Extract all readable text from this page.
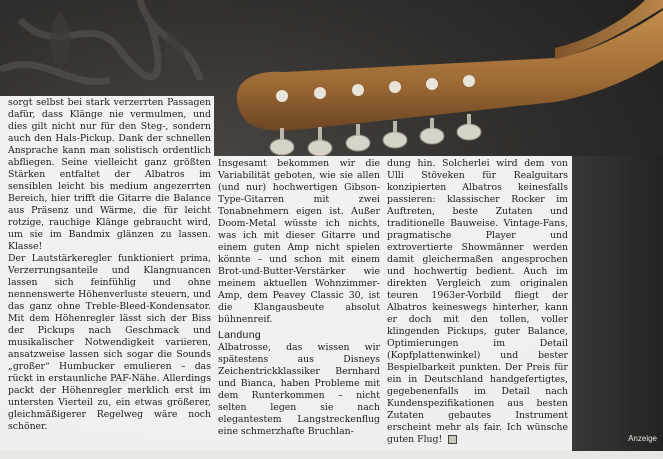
sorgt selbst bei stark verzerrten Passagen dafür, dass Klänge nie vermulmen, und dies gilt nicht nur für den Steg-, sondern auch den Hals-Pickup. Dank der schnellen Ansprache kann man solistisch ordentlich abfliegen. Seine vielleicht ganz größten Stärken entfaltet der Albatros im sensiblen leicht bis medium angezerrten Bereich, hier trifft die Gitarre die Balance aus Präsenz und Wärme, die für leicht rotzige, rauchige Klänge gebraucht wird, um sie im Bandmix glänzen zu lassen. Klasse!

Der Lautstärkeregler funktioniert prima, Verzerrungsanteile und Klangnuancen lassen sich feinfühlig und ohne nennenswerte Höhenverluste steuern, und das ganz ohne Treble-Bleed-Kondensator. Mit dem Höhenregler lässt sich der Biss der Pickups nach Geschmack und musikalischer Notwendigkeit variieren, ansatzweise lassen sich sogar die Sounds „großer“ Humbucker emulieren – das rückt in erstaunliche PAF-Nähe. Allerdings packt der Höhenregler merklich erst im untersten Vierteil zu, ein etwas größerer, gleichmäßigerer Regelweg wäre noch schöner.

Insgesamt bekommen wir die Variabilität geboten, wie sie allen (und nur) hochwertigen Gibson-Type-Gitarren mit zwei Tonabnehmern eigen ist. Außer Doom-Metal wüsste ich nichts, was ich mit dieser Gitarre und einem guten Amp nicht spielen könnte – und schon mit einem Brot-und-Butter-Verstärker wie meinem aktuellen Wohnzimmer-Amp, dem Peavey Classic 30, ist die Klangausbeute absolut bühnenreif.

Landung

Albatrosse, das wissen wir spätestens aus Disneys Zeichentrickklassiker Bernhard und Bianca, haben Probleme mit dem Runterkommen – nicht selten legen sie nach elegantestem Langstreckenflug eine schmerzhafte Bruchlan-

dung hin. Solcherlei wird dem von Ulli Stöveken für Realguitars konzipierten Albatros keinesfalls passieren: klassischer Rocker im Auftreten, beste Zutaten und traditionelle Bauweise. Vintage-Fans, pragmatische Player und extrovertierte Showmänner werden damit gleichermaßen angesprochen und hochwertig bedient. Auch im direkten Vergleich zum originalen teuren 1963er-Vorbild fliegt der Albatros keineswegs hinterher, kann er doch mit den tollen, voller klingenden Pickups, guter Balance, Optimierungen im Detail (Kopfplattenwinkel) und bester Bespielbarkeit punkten. Der Preis für ein in Deutschland handgefertigtes, gegebenenfalls im Detail nach Kundenspezifikationen aus besten Zutaten gebautes Instrument erscheint mehr als fair. Ich wünsche guten Flug!	Anzeige
